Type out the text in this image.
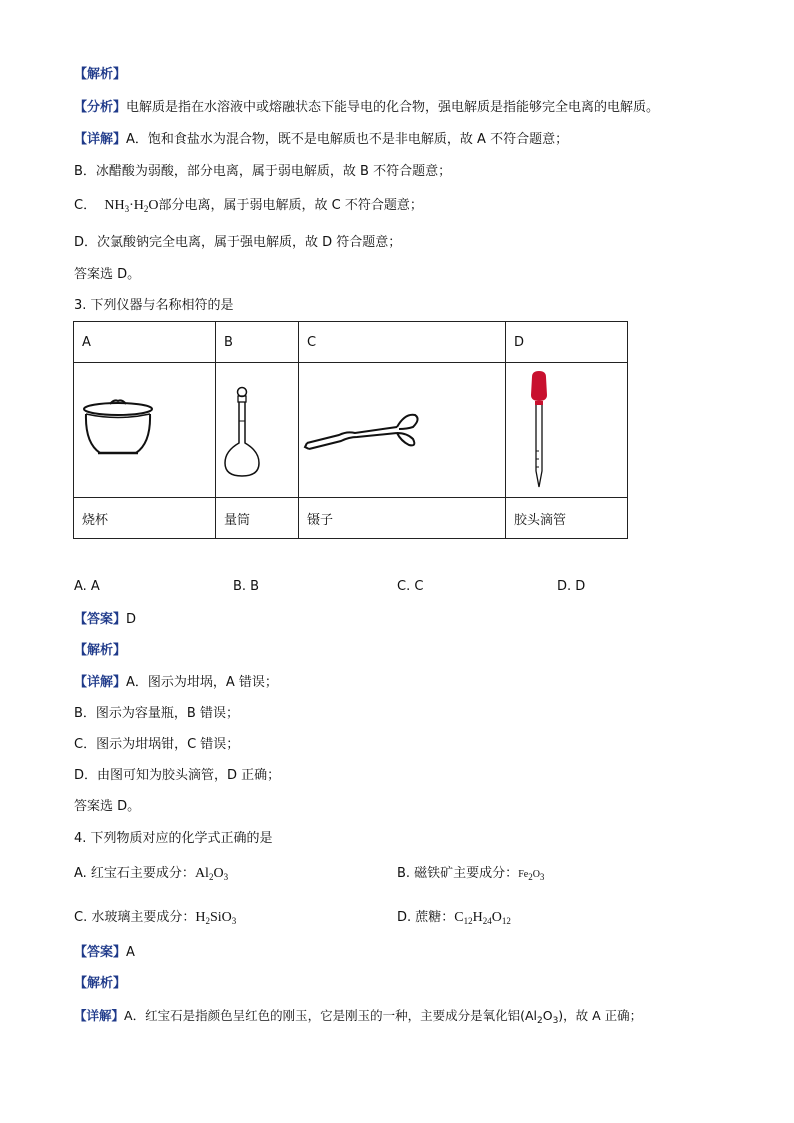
【解析】
【分析】电解质是指在水溶液中或熔融状态下能导电的化合物，强电解质是指能够完全电离的电解质。
【详解】A．饱和食盐水为混合物，既不是电解质也不是非电解质，故 A 不符合题意；
B．冰醋酸为弱酸，部分电离，属于弱电解质，故 B 不符合题意；
C． $NH_3\cdot H_2O$部分电离，属于弱电解质，故 C 不符合题意；
D．次氯酸钠完全电离，属于强电解质，故 D 符合题意；
答案选 D。
3. 下列仪器与名称相符的是
A	B	C	D

烧杯	量筒	镊子	胶头滴管
A. A	B. B	C. C	D. D
【答案】D
【解析】
【详解】A．图示为坩埚，A 错误；
B．图示为容量瓶，B 错误；
C．图示为坩埚钳，C 错误；
D．由图可知为胶头滴管，D 正确；
答案选 D。
4. 下列物质对应的化学式正确的是
A. 红宝石主要成分：$Al_2O_3$	B. 磁铁矿主要成分：Fe2O3
C. 水玻璃主要成分：$H_2SiO_3$	D. 蔗糖：$C_{12}H_{24}O_{12}$
【答案】A
【解析】
【详解】A．红宝石是指颜色呈红色的刚玉，它是刚玉的一种，主要成分是氧化铝$(Al_2O_3)$，故 A 正确；
